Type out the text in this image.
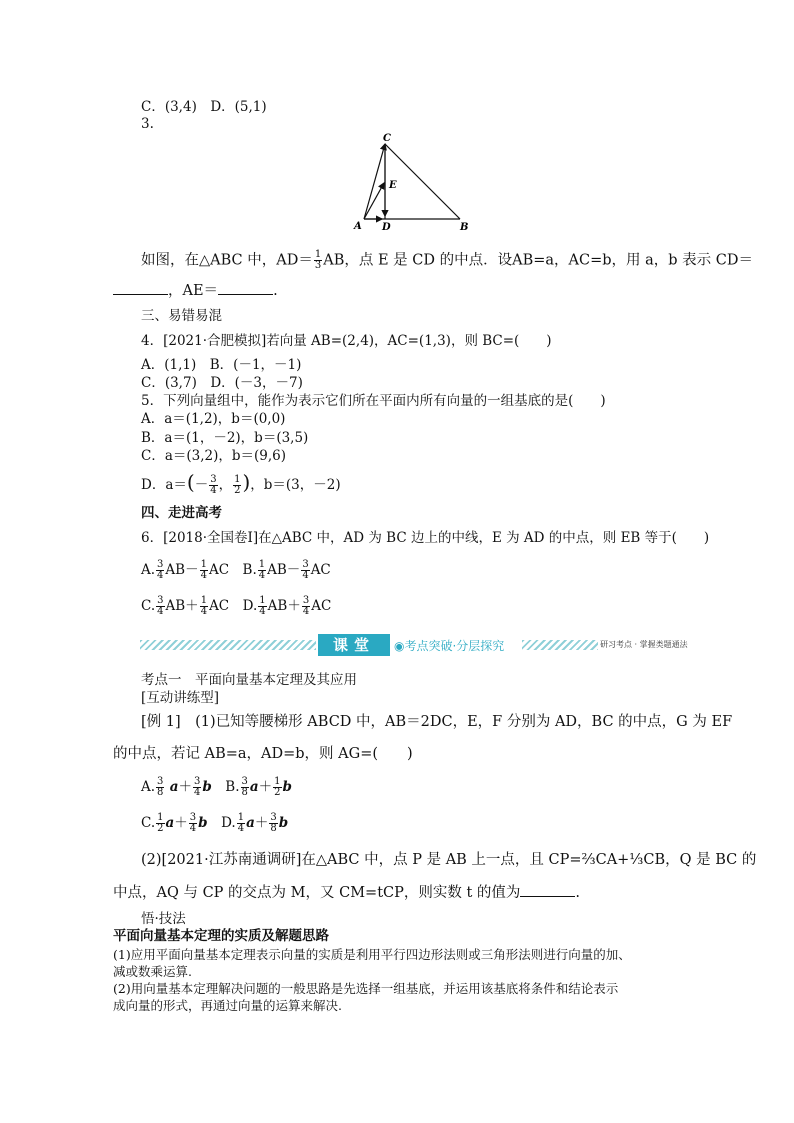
C．(3,4)　D．(5,1)
3.
C
E
A D	B
如图，在△ABC 中，$AD= \frac{1}{3}$ AB，点 E 是 CD 的中点．设AB=a，AC=b，用 a，b 表示 CD＝
，AE＝	.
三、易错易混
4．[2021·合肥模拟]若向量 AB=(2,4)，AC=(1,3)，则 BC=(　　)
A．(1,1)　B．(－1，－1)
C．(3,7)　D．(－3，－7)
5．下列向量组中，能作为表示它们所在平面内所有向量的一组基底的是(　　)
A．a＝(1,2)，b＝(0,0)
B．a＝(1，－2)，b＝(3,5)
C．a＝(3,2)，b＝(9,6)
D．$a=(- \frac{3}{4}$ ， $\frac{1}{2}$ )，b＝(3，－2)
四、走进高考
6．[2018·全国卷Ⅰ]在△ABC 中，AD 为 BC 边上的中线，E 为 AD 的中点，则 EB 等于(　　)
A. $\frac{3}{4} AB- \frac{1}{4}$ AC　B. $\frac{1}{4} AB- \frac{3}{4}$ AC
C. $\frac{3}{4} AB+ \frac{1}{4}$ AC　D. $\frac{1}{4} AB+ \frac{3}{4}$ AC
课堂	◉考点突破·分层探究	研习考点 · 掌握类题通法
考点一　平面向量基本定理及其应用
[互动讲练型]
[例 1]　(1)已知等腰梯形 ABCD 中，AB＝2DC，E，F 分别为 AD，BC 的中点，G 为 EF
的中点，若记 AB=a，AD=b，则 AG=(　　)
A. $\frac{3}{8} a+ \frac{3}{4}$ b　B. $\frac{3}{8} a+ \frac{1}{2}$ b
C. $\frac{1}{2} a+ \frac{3}{4}$ b　D. $\frac{1}{4} a+ \frac{3}{8}$ b
(2)[2021·江苏南通调研]在△ABC 中，点 P 是 AB 上一点，且 CP=⅔CA+⅓CB，Q 是 BC 的
中点，AQ 与 CP 的交点为 M，又 CM=tCP，则实数 t 的值为	.
悟·技法
平面向量基本定理的实质及解题思路
(1)应用平面向量基本定理表示向量的实质是利用平行四边形法则或三角形法则进行向量的加、
减或数乘运算.
(2)用向量基本定理解决问题的一般思路是先选择一组基底，并运用该基底将条件和结论表示
成向量的形式，再通过向量的运算来解决.
